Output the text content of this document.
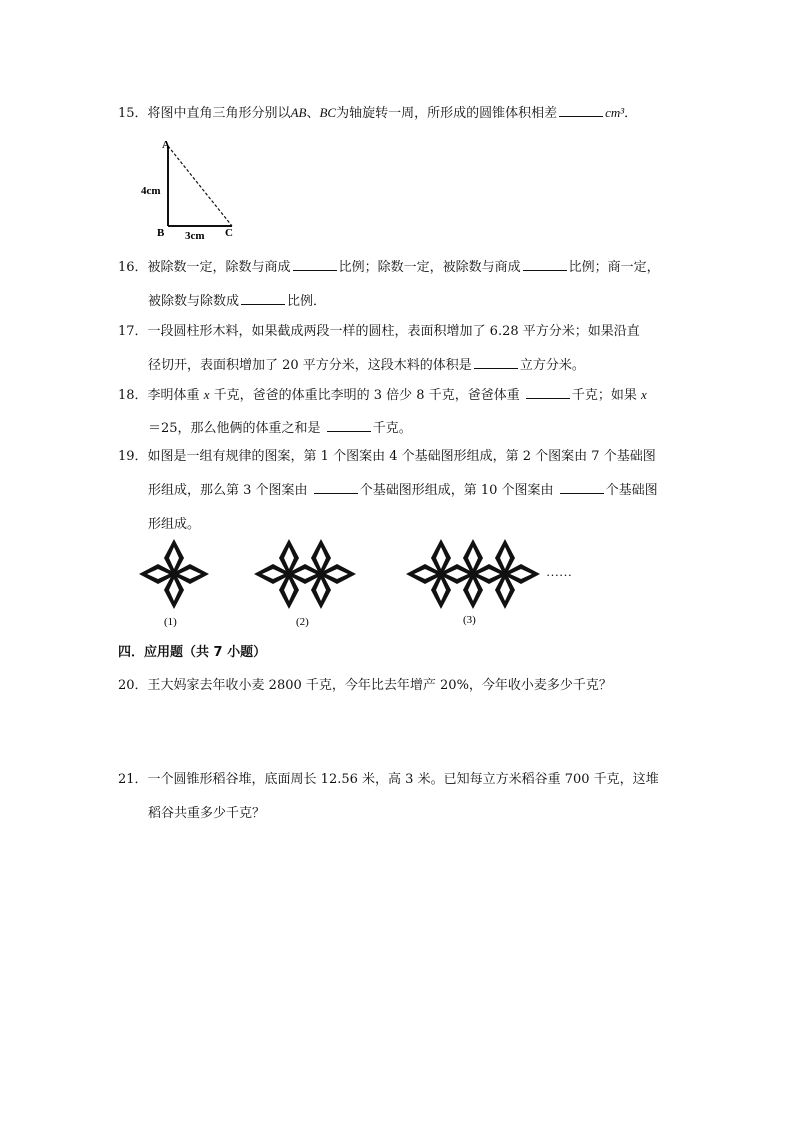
15．将图中直角三角形分别以AB、BC为轴旋转一周，所形成的圆锥体积相差	cm³．
A
B	C
4cm
3cm
16．被除数一定，除数与商成	比例；除数一定，被除数与商成	比例；商一定，
被除数与除数成	比例．
17．一段圆柱形木料，如果截成两段一样的圆柱，表面积增加了 6.28 平方分米；如果沿直
径切开，表面积增加了 20 平方分米，这段木料的体积是	立方分米。
18．李明体重 x 千克，爸爸的体重比李明的 3 倍少 8 千克，爸爸体重	千克；如果 x
＝25，那么他俩的体重之和是	千克。
19．如图是一组有规律的图案，第 1 个图案由 4 个基础图形组成，第 2 个图案由 7 个基础图
形组成，那么第 3 个图案由	个基础图形组成，第 10 个图案由	个基础图
形组成。
……
(1)	(2)	(3)
四．应用题（共 7 小题）
20．王大妈家去年收小麦 2800 千克，今年比去年增产 20%，今年收小麦多少千克？
21．一个圆锥形稻谷堆，底面周长 12.56 米，高 3 米。已知每立方米稻谷重 700 千克，这堆
稻谷共重多少千克？
